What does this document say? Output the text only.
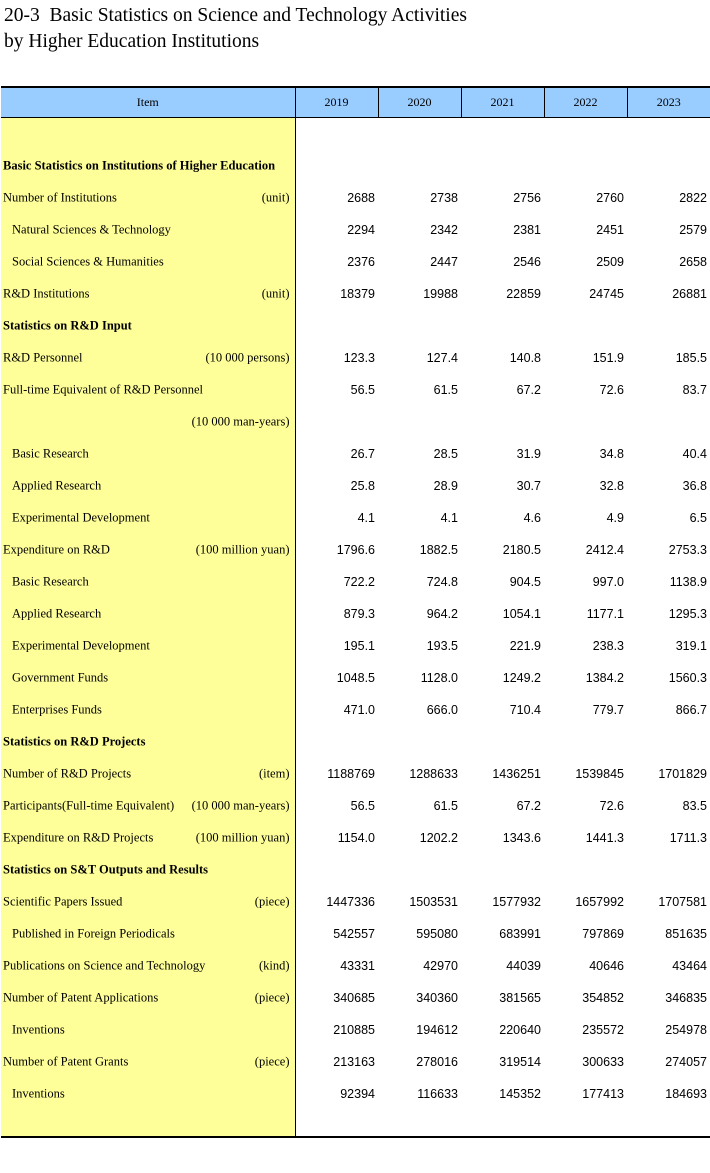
20-3  Basic Statistics on Science and Technology Activities
by Higher Education Institutions
Item	2019	2020	2021	2022	2023

Basic Statistics on Institutions of Higher Education					

Number of Institutions (unit)	2688	2738	2756	2760	2822

Natural Sciences & Technology	2294	2342	2381	2451	2579

Social Sciences & Humanities	2376	2447	2546	2509	2658

R&D Institutions (unit)	18379	19988	22859	24745	26881

Statistics on R&D Input					

R&D Personnel (10 000 persons)	123.3	127.4	140.8	151.9	185.5

Full-time Equivalent of R&D Personnel	56.5	61.5	67.2	72.6	83.7

(10 000 man-years)					

Basic Research	26.7	28.5	31.9	34.8	40.4

Applied Research	25.8	28.9	30.7	32.8	36.8

Experimental Development	4.1	4.1	4.6	4.9	6.5

Expenditure on R&D (100 million yuan)	1796.6	1882.5	2180.5	2412.4	2753.3

Basic Research	722.2	724.8	904.5	997.0	1138.9

Applied Research	879.3	964.2	1054.1	1177.1	1295.3

Experimental Development	195.1	193.5	221.9	238.3	319.1

Government Funds	1048.5	1128.0	1249.2	1384.2	1560.3

Enterprises Funds	471.0	666.0	710.4	779.7	866.7

Statistics on R&D Projects					

Number of R&D Projects (item)	1188769	1288633	1436251	1539845	1701829

Participants(Full-time Equivalent) (10 000 man-years)	56.5	61.5	67.2	72.6	83.5

Expenditure on R&D Projects (100 million yuan)	1154.0	1202.2	1343.6	1441.3	1711.3

Statistics on S&T Outputs and Results					

Scientific Papers Issued (piece)	1447336	1503531	1577932	1657992	1707581

Published in Foreign Periodicals	542557	595080	683991	797869	851635

Publications on Science and Technology (kind)	43331	42970	44039	40646	43464

Number of Patent Applications (piece)	340685	340360	381565	354852	346835

Inventions	210885	194612	220640	235572	254978

Number of Patent Grants (piece)	213163	278016	319514	300633	274057

Inventions	92394	116633	145352	177413	184693
